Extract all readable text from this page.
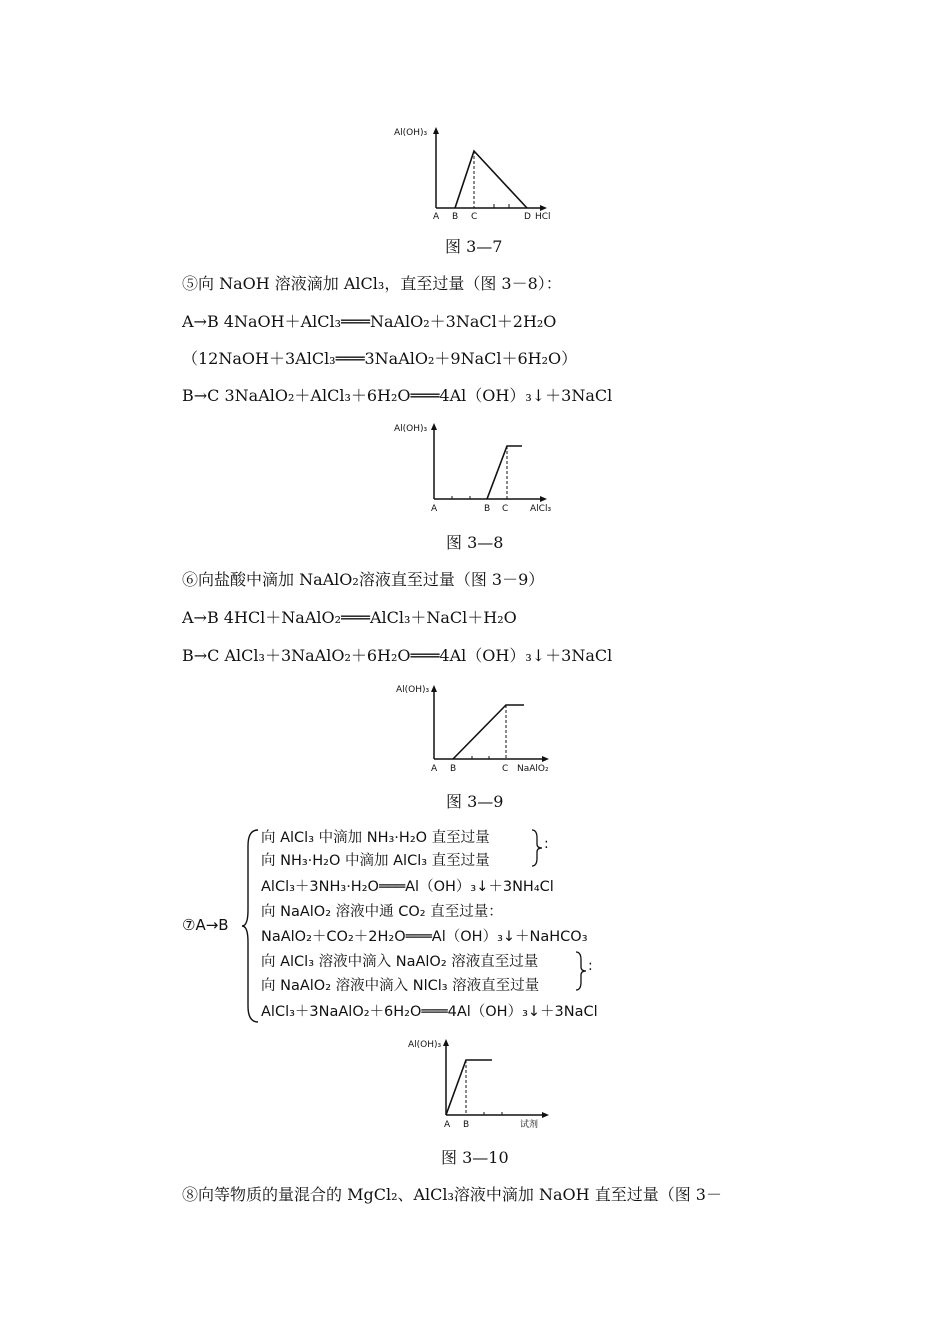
Al(OH)₃
A B C	D HCl
图 3—7
⑤向 NaOH 溶液滴加 AlCl₃，直至过量（图 3－8）：
A→B 4NaOH＋AlCl₃═══NaAlO₂＋3NaCl＋2H₂O
（12NaOH＋3AlCl₃═══3NaAlO₂＋9NaCl＋6H₂O）
B→C 3NaAlO₂＋AlCl₃＋6H₂O═══4Al（OH）₃↓＋3NaCl
Al(OH)₃
A	B C AlCl₃
图 3—8
⑥向盐酸中滴加 NaAlO₂溶液直至过量（图 3－9）
A→B 4HCl＋NaAlO₂═══AlCl₃＋NaCl＋H₂O
B→C AlCl₃＋3NaAlO₂＋6H₂O═══4Al（OH）₃↓＋3NaCl
Al(OH)₃
A B	C NaAlO₂
图 3—9
⑦A→B
向 AlCl₃ 中滴加 NH₃·H₂O 直至过量
向 NH₃·H₂O 中滴加 AlCl₃ 直至过量
AlCl₃＋3NH₃·H₂O═══Al（OH）₃↓＋3NH₄Cl
向 NaAlO₂ 溶液中通 CO₂ 直至过量：
NaAlO₂＋CO₂＋2H₂O═══Al（OH）₃↓＋NaHCO₃
向 AlCl₃ 溶液中滴入 NaAlO₂ 溶液直至过量
向 NaAlO₂ 溶液中滴入 NlCl₃ 溶液直至过量
AlCl₃＋3NaAlO₂＋6H₂O═══4Al（OH）₃↓＋3NaCl
:
:
Al(OH)₃
A B	试剂
图 3—10
⑧向等物质的量混合的 MgCl₂、AlCl₃溶液中滴加 NaOH 直至过量（图 3－
